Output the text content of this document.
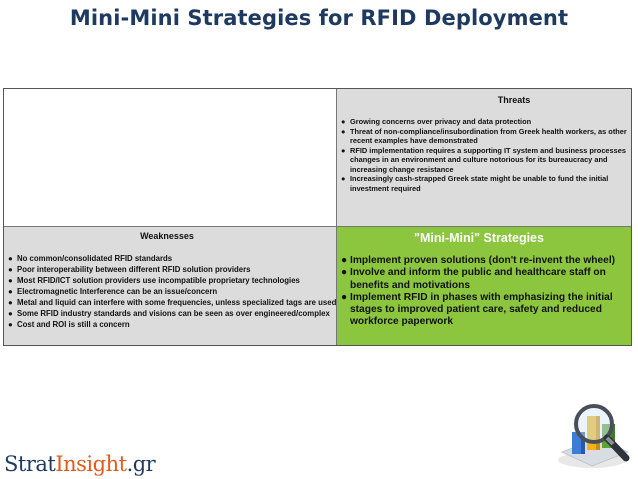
Mini-Mini Strategies for RFID Deployment
Threats
● Growing concerns over privacy and data protection
● Threat of non-compliance/insubordination from Greek health workers, as other recent examples have demonstrated
● RFID implementation requires a supporting IT system and business processes changes in an environment and culture notorious for its bureaucracy and increasing change resistance
● Increasingly cash-strapped Greek state might be unable to fund the initial investment required
Weaknesses
● No common/consolidated RFID standards
● Poor interoperability between different RFID solution providers
● Most RFID/ICT solution providers use incompatible proprietary technologies
● Electromagnetic Interference can be an issue/concern
● Metal and liquid can interfere with some frequencies, unless specialized tags are used
● Some RFID industry standards and visions can be seen as over engineered/complex
● Cost and ROI is still a concern
"Mini-Mini" Strategies
● Implement proven solutions (don't re-invent the wheel)
● Involve and inform the public and healthcare staff on benefits and motivations
● Implement RFID in phases with emphasizing the initial stages to improved patient care, safety and reduced workforce paperwork
StratInsight.gr
